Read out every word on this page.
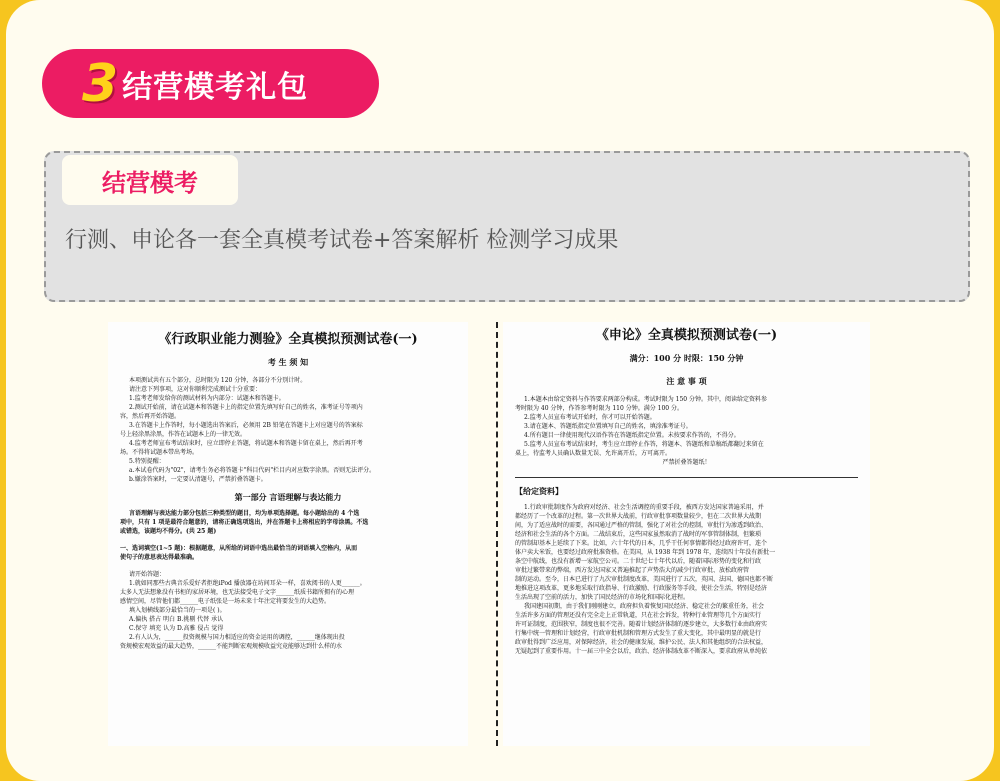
3 结营模考礼包
结营模考
行测、申论各一套全真模考试卷+答案解析 检测学习成果
《行政职业能力测验》全真模拟预测试卷(一)
考 生 须 知
本项测试共有五个部分，总时限为 120 分钟，各部分不分别计时。
请注意下列事项，这对你顺利完成测试十分重要：
1.监考老师发给你的测试材料为内部分：试题本和答题卡。
2.测试开始前，请在试题本和答题卡上的指定位置先填写好自己的姓名，准考证号等项内
容，然后再开始答题。
3.在答题卡上作答时，每小题选出答案后，必须用 2B 铅笔在答题卡上对应题号的答案标
号上轻涂黑涂黑，作答在试题本上的一律无效。
4.监考老师宣布考试结束时，应立即停止答题，将试题本和答题卡留在桌上，然后再开考
场。不得将试题本带出考场。
5.特别提醒：
a.本试卷代码为"02"，请考生务必将答题卡"科目代码"栏目内对应数字涂黑。否则无法评分。
b.嫌涂答案时，一定要认清题号，严禁折叠答题卡。
第一部分 言语理解与表达能力
言语理解与表达能力部分包括三种类型的题目，均为单项选择题。每小题给出的 4 个选
项中，只有 1 项是最符合题意的，请将正确选项选出，并在答题卡上将相应的字母涂黑。不选
或错选，该题均不得分。(共 25 题)
一、选词填空(1~5 题)：根据题意，从所给的词语中选出最恰当的词语填入空格内，从而
使句子的意思表达得最准确。
请开始答题：
1.就如同那些古典音乐爱好者拒绝iPod 播放器在坊间耳朵一样，喜欢阅书的人更______。
太多人无法想象没有书柜的家居环境，也无法接受电子文字______纸质书籍所拥有的心理
感情空间，尽管他们都______电子纸张是一场未来十年注定将要发生的大趋势。
填入划横线部分最恰当的一项是( )。
A.偏执 搭占 明白 B.挑剔 代替 承认
C.保守 填充 认为 D.高雅 侵占 觉得
2.有人认为，______投资规模与国力相适应的资金运用的调控，______继体现出投
资规模宏观效益的最大趋势，______不能判断宏观规模收益究竟能够达到什么样的水
《申论》全真模拟预测试卷(一)
满分：100 分 时限：150 分钟
注 意 事 项
1.本题本由给定资料与作答要求两部分构成。考试时限为 150 分钟。其中，阅读给定资料参
考时限为 40 分钟，作答参考时限为 110 分钟。满分 100 分。
2.监考人员宣布考试开始时，你才可以开始答题。
3.请在题本、答题纸指定位置填写自己的姓名，填涂准考证号。
4.所有题目一律使用现代汉语作答在答题纸指定位置。未按要求作答的，不得分。
5.监考人员宣布考试结束时，考生应立即停止作答，将题本、答题纸和草稿纸都翻过来留在
桌上，待监考人员确认数量无误、允许离开后，方可离开。
严禁折叠答题纸！
【给定资料】
1.行政审批制度作为政府对经济、社会生活调控的重要手段，被西方发达国家普遍采用，并
都经历了一个改革的过程。第一次世界大战前，行政审批事项数量较少，但在二次世界大战期
间，为了适应战时的需要，各国通过严格的管制，强化了对社会的控制，审批行为渗透到政治、
经济和社会生活的各个方面。二战结束后，这些国家虽然取消了战时的军事管制体制，但繁琐
的管制却基本上延续了下来。比如，六十年代的日本，几乎干任何事情都得经过政府许可，连个
体户卖大米饭，也要经过政府批准资格。在美国，从 1938 年到 1978 年，连续四十年没有新批一
条空中航线，也没有新增一家航空公司。二十世纪七十年代以后，随着国际形势的变化和行政
审批过繁带来的弊端，西方发达国家又普遍推起了声势浩大的减少行政审批、放松政府管
制的运动。至今，日本已进行了九次审批制度改革，美国进行了五次，英国、法国、德国也都不断
地推进这项改革，更多地采取行政指导、行政激励、行政服务等手段，使社会生活，特别是经济
生活出现了空前的活力，加快了国民经济的市场化和国际化进程。
我国建国初期，由于我们刚刚建立，政府担负着恢复国民经济、稳定社会的繁重任务，社会
生活许多方面的管理还没有完全走上正常轨道，只在社会诉发，特种行业管理等几个方面实行
许可证制度，范围狭窄，制度也很不完善。随着计划经济体制的逐步建立，大多数行业由政府实
行集中统一管理和计划经营，行政审批机制和管理方式发生了重大变化，其中最明显的就是行
政审批得到广泛应用，对保障经济，社会的健康发展，维护公民、法人和其他组织的合法权益，
无疑起到了重要作用。十一届三中全会以后，政治、经济体制改革不断深入，要求政府从单纯依
